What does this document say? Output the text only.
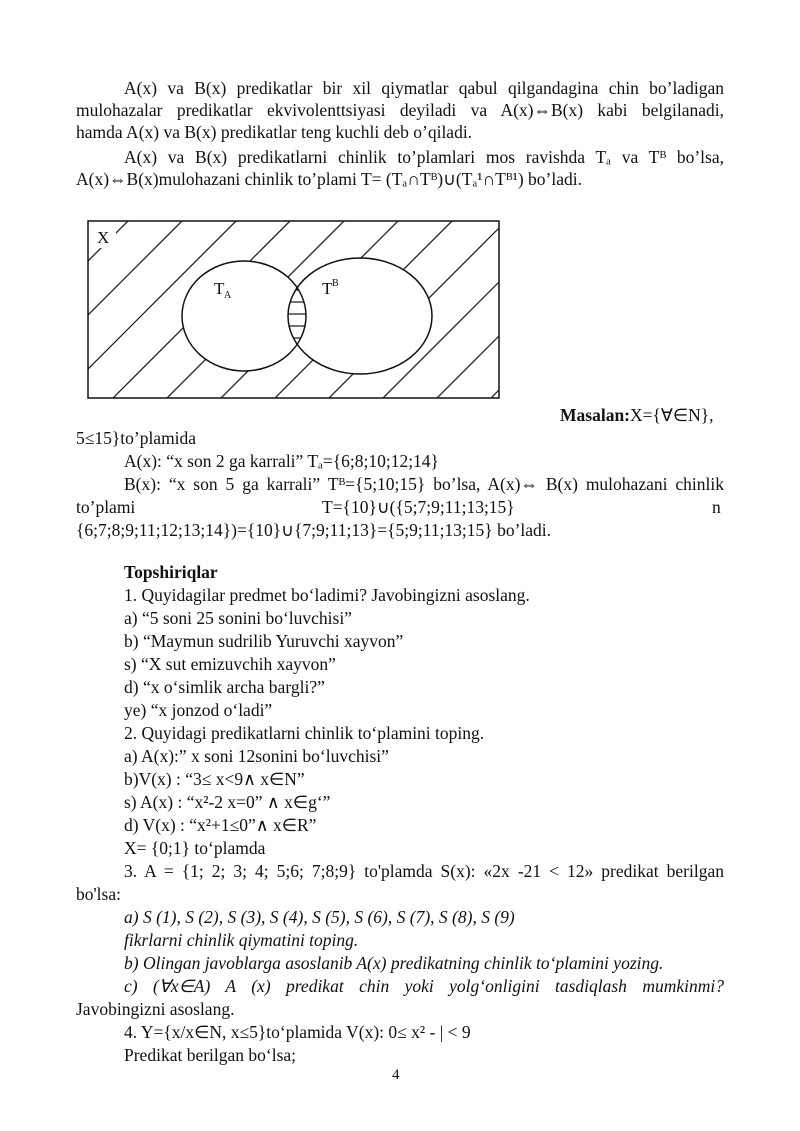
A(x) va B(x) predikatlar bir xil qiymatlar qabul qilgandagina chin bo’ladigan
mulohazalar predikatlar ekvivolenttsiyasi deyiladi va A(x)⇔B(x) kabi belgilanadi,
hamda A(x) va B(x) predikatlar teng kuchli deb o’qiladi.
A(x) va B(x) predikatlarni chinlik to’plamlari mos ravishda Tₐ va Tᴮ bo’lsa,
A(x)⇔B(x)mulohazani chinlik to’plami T= (Tₐ∩Tᴮ)∪(Tₐ¹∩Tᴮ¹) bo’ladi.
X
T A	T B
Masalan:X={∀∈N},
5≤15}to’plamida
A(x): “x son 2 ga karrali” Tₐ={6;8;10;12;14}
B(x): “x son 5 ga karrali” Tᴮ={5;10;15} bo’lsa, A(x)⇔ B(x) mulohazani chinlik
to’plami	T={10}∪({5;7;9;11;13;15}	n
{6;7;8;9;11;12;13;14})={10}∪{7;9;11;13}={5;9;11;13;15} bo’ladi.
Topshiriqlar
1. Quyidagilar predmet bo‘ladimi? Javobingizni asoslang.
a) “5 soni 25 sonini bo‘luvchisi”
b) “Maymun sudrilib Yuruvchi xayvon”
s) “X sut emizuvchih xayvon”
d) “x o‘simlik archa bargli?”
ye) “x jonzod o‘ladi”
2. Quyidagi predikatlarni chinlik to‘plamini toping.
a) A(x):” x soni 12sonini bo‘luvchisi”
b)V(x) : “3≤ x<9∧ x∈N”
s) A(x) : “x²-2 x=0” ∧ x∈g‘”
d) V(x) : “x²+1≤0”∧ x∈R”
X= {0;1} to‘plamda
3. A = {1; 2; 3; 4; 5;6; 7;8;9} to'plamda S(x): «2x -21 < 12» predikat berilgan
bo'lsa:
a) S (1), S (2), S (3), S (4), S (5), S (6), S (7), S (8), S (9)
fikrlarni chinlik qiymatini toping.
b) Olingan javoblarga asoslanib A(x) predikatning chinlik to‘plamini yozing.
c) (∀x∈A) A (x) predikat chin yoki yolg‘onligini tasdiqlash mumkinmi?
Javobingizni asoslang.
4. Y={x/x∈N, x≤5}to‘plamida V(x): 0≤ x² - | < 9
Predikat berilgan bo‘lsa;
4
